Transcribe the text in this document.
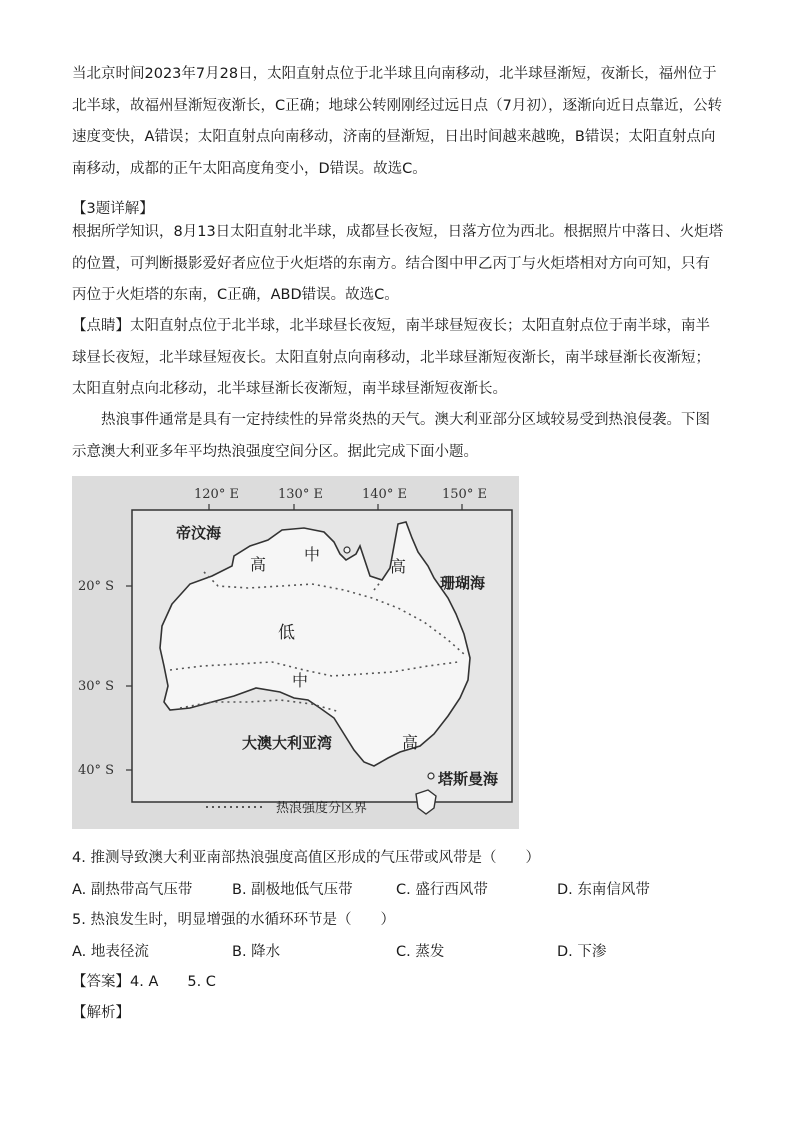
当北京时间2023年7月28日，太阳直射点位于北半球且向南移动，北半球昼渐短，夜渐长，福州位于北半球，故福州昼渐短夜渐长，C正确；地球公转刚刚经过远日点（7月初），逐渐向近日点靠近，公转速度变快，A错误；太阳直射点向南移动，济南的昼渐短，日出时间越来越晚，B错误；太阳直射点向南移动，成都的正午太阳高度角变小，D错误。故选C。

【3题详解】

根据所学知识，8月13日太阳直射北半球，成都昼长夜短，日落方位为西北。根据照片中落日、火炬塔的位置，可判断摄影爱好者应位于火炬塔的东南方。结合图中甲乙丙丁与火炬塔相对方向可知，只有丙位于火炬塔的东南，C正确，ABD错误。故选C。

【点睛】太阳直射点位于北半球，北半球昼长夜短，南半球昼短夜长；太阳直射点位于南半球，南半球昼长夜短，北半球昼短夜长。太阳直射点向南移动，北半球昼渐短夜渐长，南半球昼渐长夜渐短；太阳直射点向北移动，北半球昼渐长夜渐短，南半球昼渐短夜渐长。

热浪事件通常是具有一定持续性的异常炎热的天气。澳大利亚部分区域较易受到热浪侵袭。下图示意澳大利亚多年平均热浪强度空间分区。据此完成下面小题。

120° E	130° E	140° E	150° E
20° S
30° S
40° S
高
中
高
低
中
高
帝汶海
珊瑚海
大澳大利亚湾
塔斯曼海
热浪强度分区界
4. 推测导致澳大利亚南部热浪强度高值区形成的气压带或风带是（　　）
A. 副热带高气压带	B. 副极地低气压带	C. 盛行西风带	D. 东南信风带
5. 热浪发生时，明显增强的水循环环节是（　　）
A. 地表径流	B. 降水	C. 蒸发	D. 下渗
【答案】4. A　　5. C
【解析】
